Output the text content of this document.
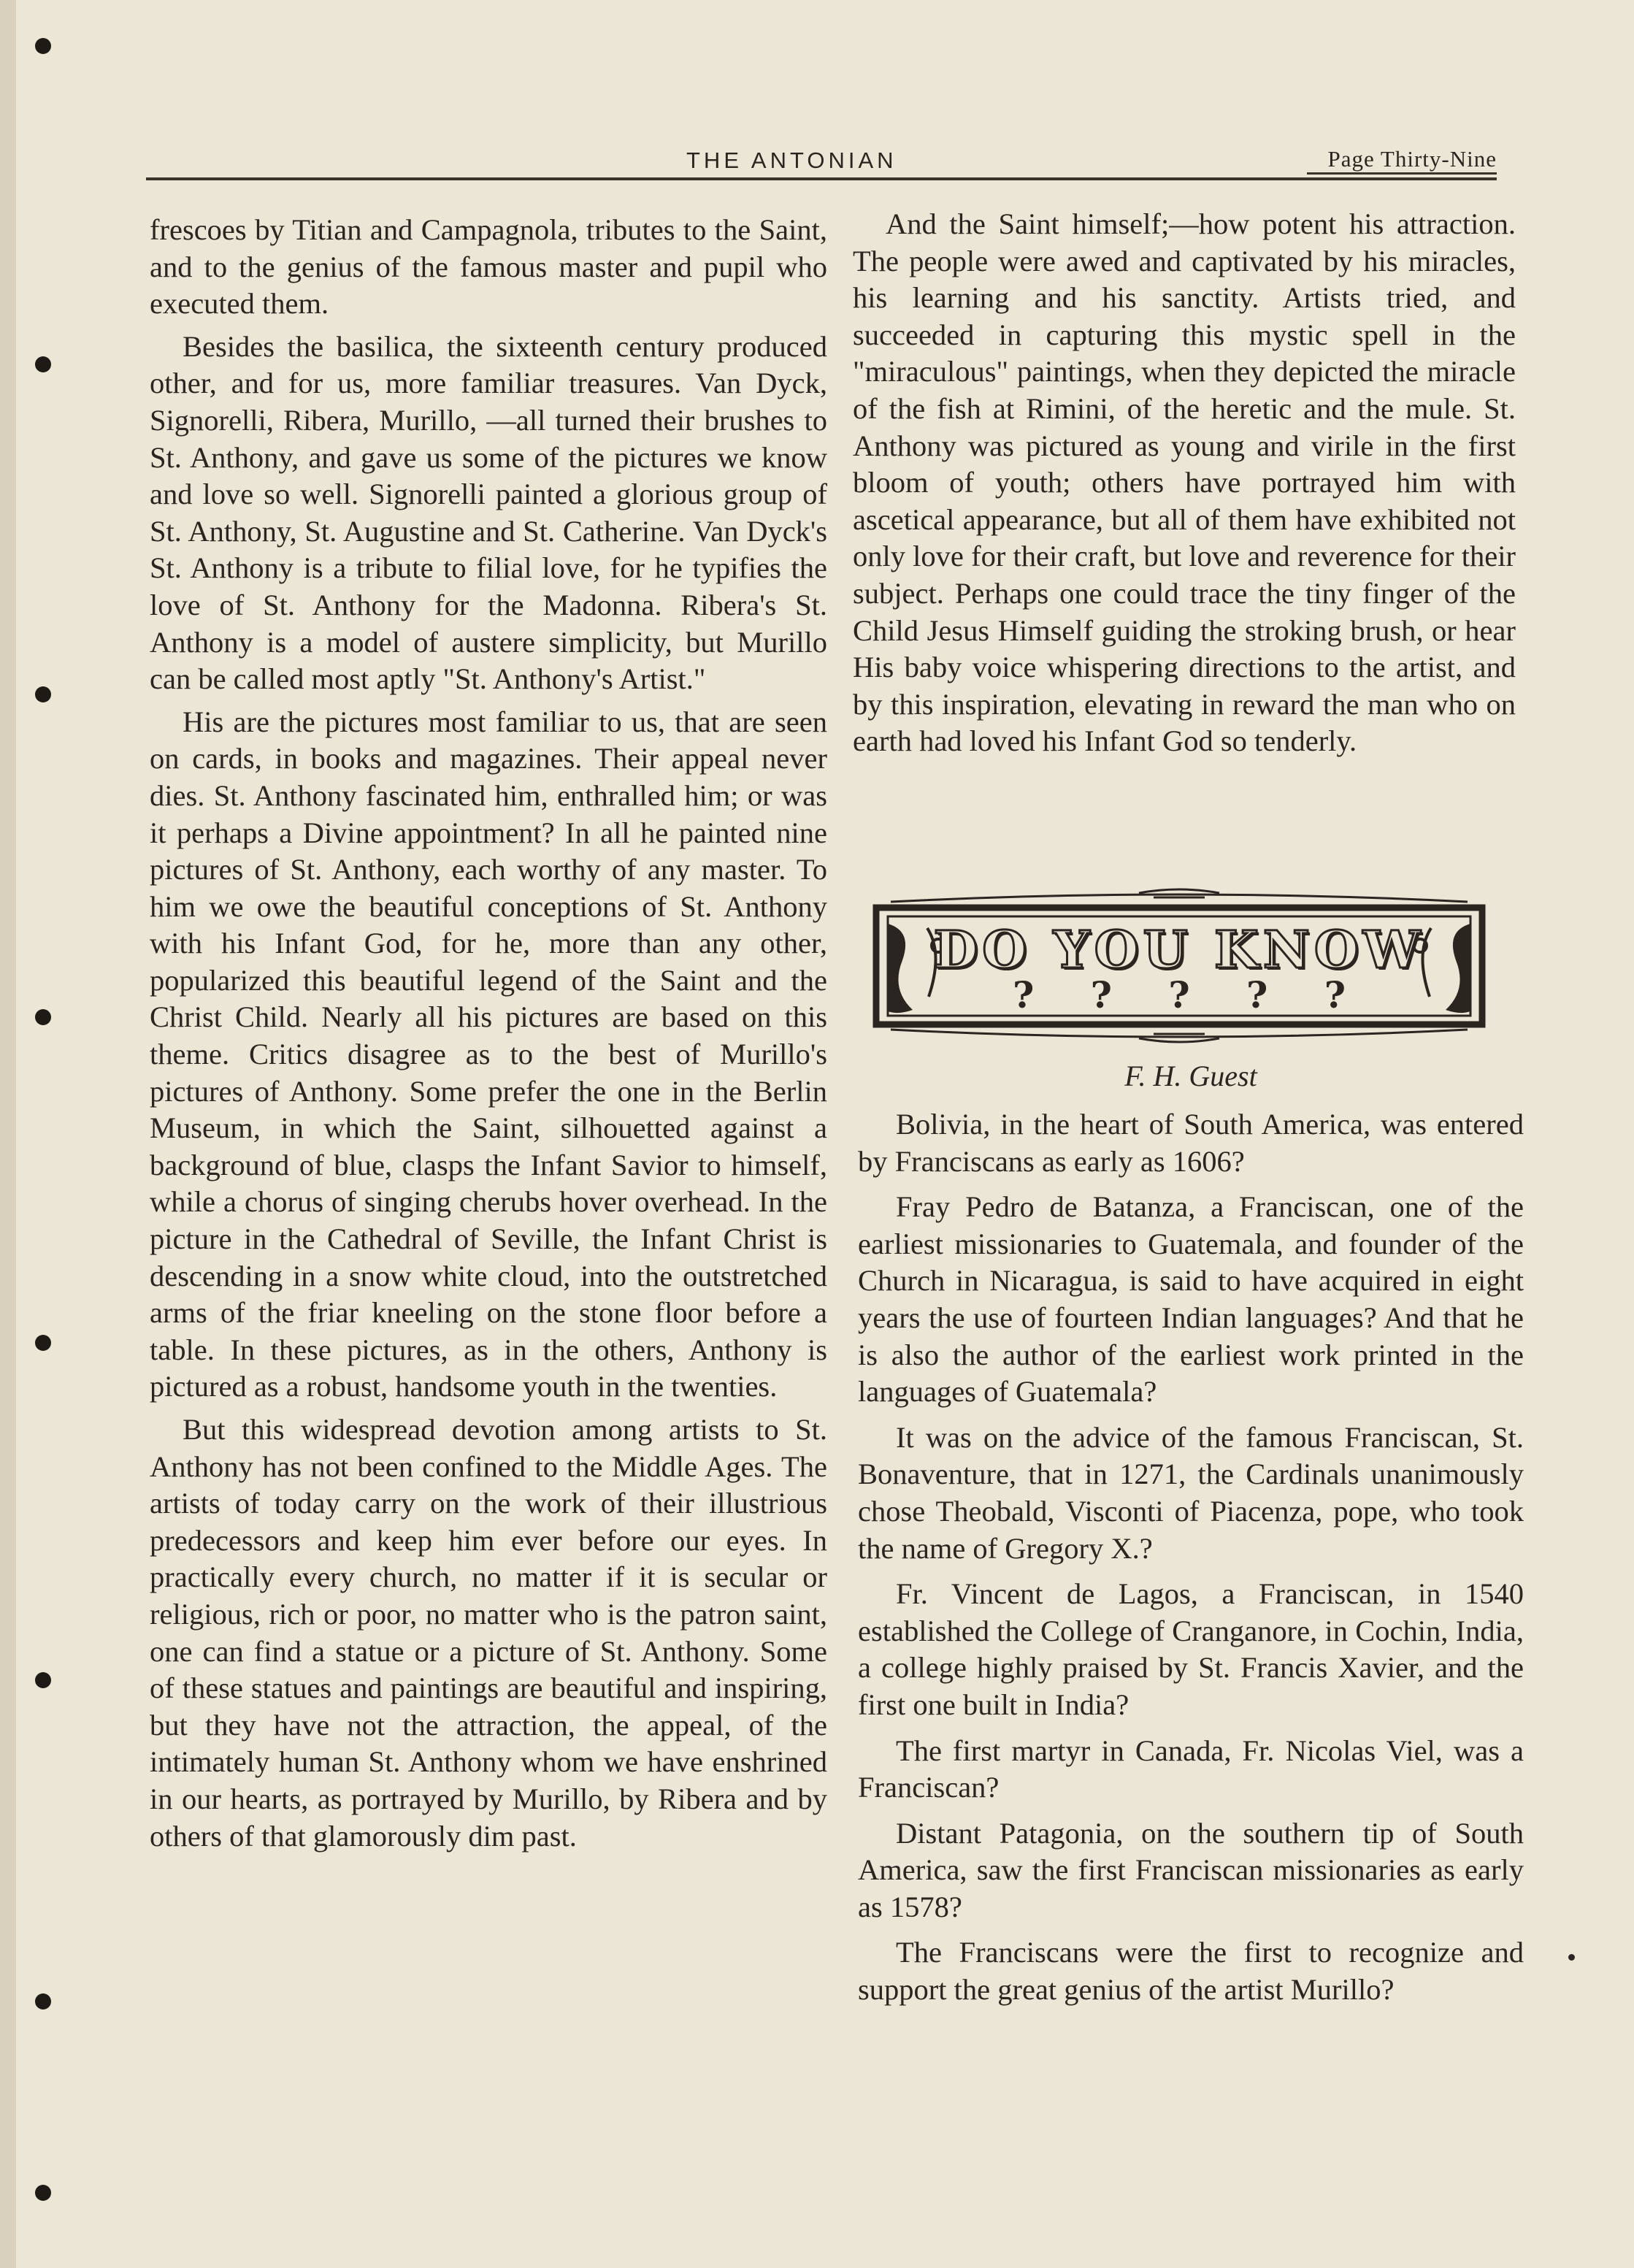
THE ANTONIAN	Page Thirty-Nine

frescoes by Titian and Campagnola, tributes to the Saint, and to the genius of the famous master and pupil who executed them.

Besides the basilica, the sixteenth century produced other, and for us, more familiar treasures. Van Dyck, Signorelli, Ribera, Murillo, —all turned their brushes to St. Anthony, and gave us some of the pictures we know and love so well. Signorelli painted a glorious group of St. Anthony, St. Augustine and St. Catherine. Van Dyck's St. Anthony is a tribute to filial love, for he typifies the love of St. Anthony for the Madonna. Ribera's St. Anthony is a model of austere simplicity, but Murillo can be called most aptly "St. Anthony's Artist."

His are the pictures most familiar to us, that are seen on cards, in books and magazines. Their appeal never dies. St. Anthony fascinated him, enthralled him; or was it perhaps a Divine appointment? In all he painted nine pictures of St. Anthony, each worthy of any master. To him we owe the beautiful conceptions of St. Anthony with his Infant God, for he, more than any other, popularized this beautiful legend of the Saint and the Christ Child. Nearly all his pictures are based on this theme. Critics disagree as to the best of Murillo's pictures of Anthony. Some prefer the one in the Berlin Museum, in which the Saint, silhouetted against a background of blue, clasps the Infant Savior to himself, while a chorus of singing cherubs hover overhead. In the picture in the Cathedral of Seville, the Infant Christ is descending in a snow white cloud, into the outstretched arms of the friar kneeling on the stone floor before a table. In these pictures, as in the others, Anthony is pictured as a robust, handsome youth in the twenties.

But this widespread devotion among artists to St. Anthony has not been confined to the Middle Ages. The artists of today carry on the work of their illustrious predecessors and keep him ever before our eyes. In practically every church, no matter if it is secular or religious, rich or poor, no matter who is the patron saint, one can find a statue or a picture of St. Anthony. Some of these statues and paintings are beautiful and inspiring, but they have not the attraction, the appeal, of the intimately human St. Anthony whom we have enshrined in our hearts, as portrayed by Murillo, by Ribera and by others of that glamorously dim past.

And the Saint himself;—how potent his attraction. The people were awed and captivated by his miracles, his learning and his sanctity. Artists tried, and succeeded in capturing this mystic spell in the "miraculous" paintings, when they depicted the miracle of the fish at Rimini, of the heretic and the mule. St. Anthony was pictured as young and virile in the first bloom of youth; others have portrayed him with ascetical appearance, but all of them have exhibited not only love for their craft, but love and reverence for their subject. Perhaps one could trace the tiny finger of the Child Jesus Himself guiding the stroking brush, or hear His baby voice whispering directions to the artist, and by this inspiration, elevating in reward the man who on earth had loved his Infant God so tenderly.

DO YOU KNOW
? ? ? ? ?
F. H. Guest

Bolivia, in the heart of South America, was entered by Franciscans as early as 1606?

Fray Pedro de Batanza, a Franciscan, one of the earliest missionaries to Guatemala, and founder of the Church in Nicaragua, is said to have acquired in eight years the use of fourteen Indian languages? And that he is also the author of the earliest work printed in the languages of Guatemala?

It was on the advice of the famous Franciscan, St. Bonaventure, that in 1271, the Cardinals unanimously chose Theobald, Visconti of Piacenza, pope, who took the name of Gregory X.?

Fr. Vincent de Lagos, a Franciscan, in 1540 established the College of Cranganore, in Cochin, India, a college highly praised by St. Francis Xavier, and the first one built in India?

The first martyr in Canada, Fr. Nicolas Viel, was a Franciscan?

Distant Patagonia, on the southern tip of South America, saw the first Franciscan missionaries as early as 1578?

The Franciscans were the first to recognize and support the great genius of the artist Murillo?
